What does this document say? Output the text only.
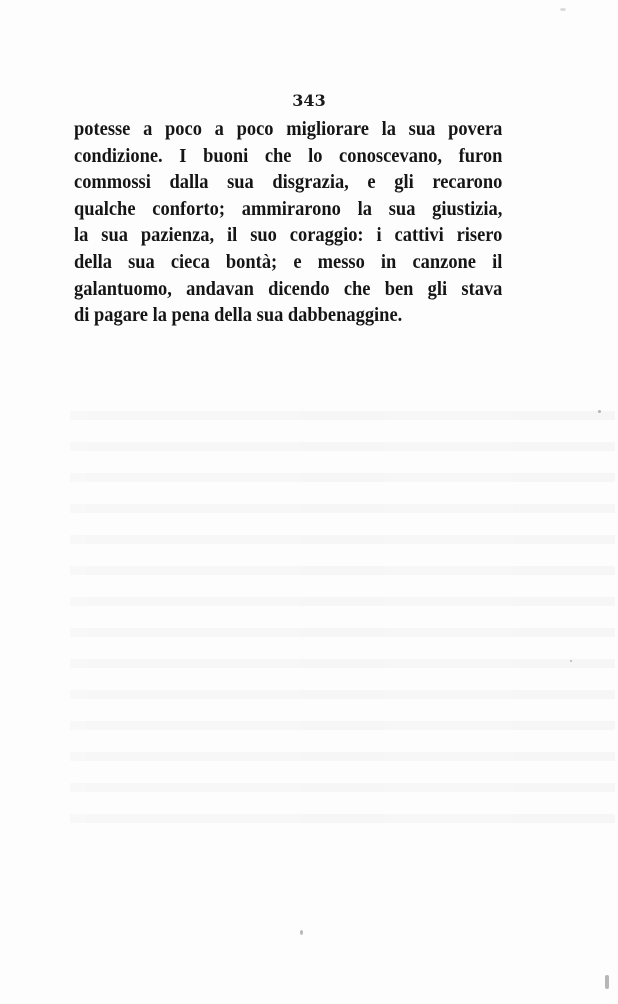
343
potesse a poco a poco migliorare la sua povera
condizione. I buoni che lo conoscevano, furon
commossi dalla sua disgrazia, e gli recarono
qualche conforto; ammirarono la sua giustizia,
la sua pazienza, il suo coraggio: i cattivi risero
della sua cieca bontà; e messo in canzone il
galantuomo, andavan dicendo che ben gli stava
di pagare la pena della sua dabbenaggine.
